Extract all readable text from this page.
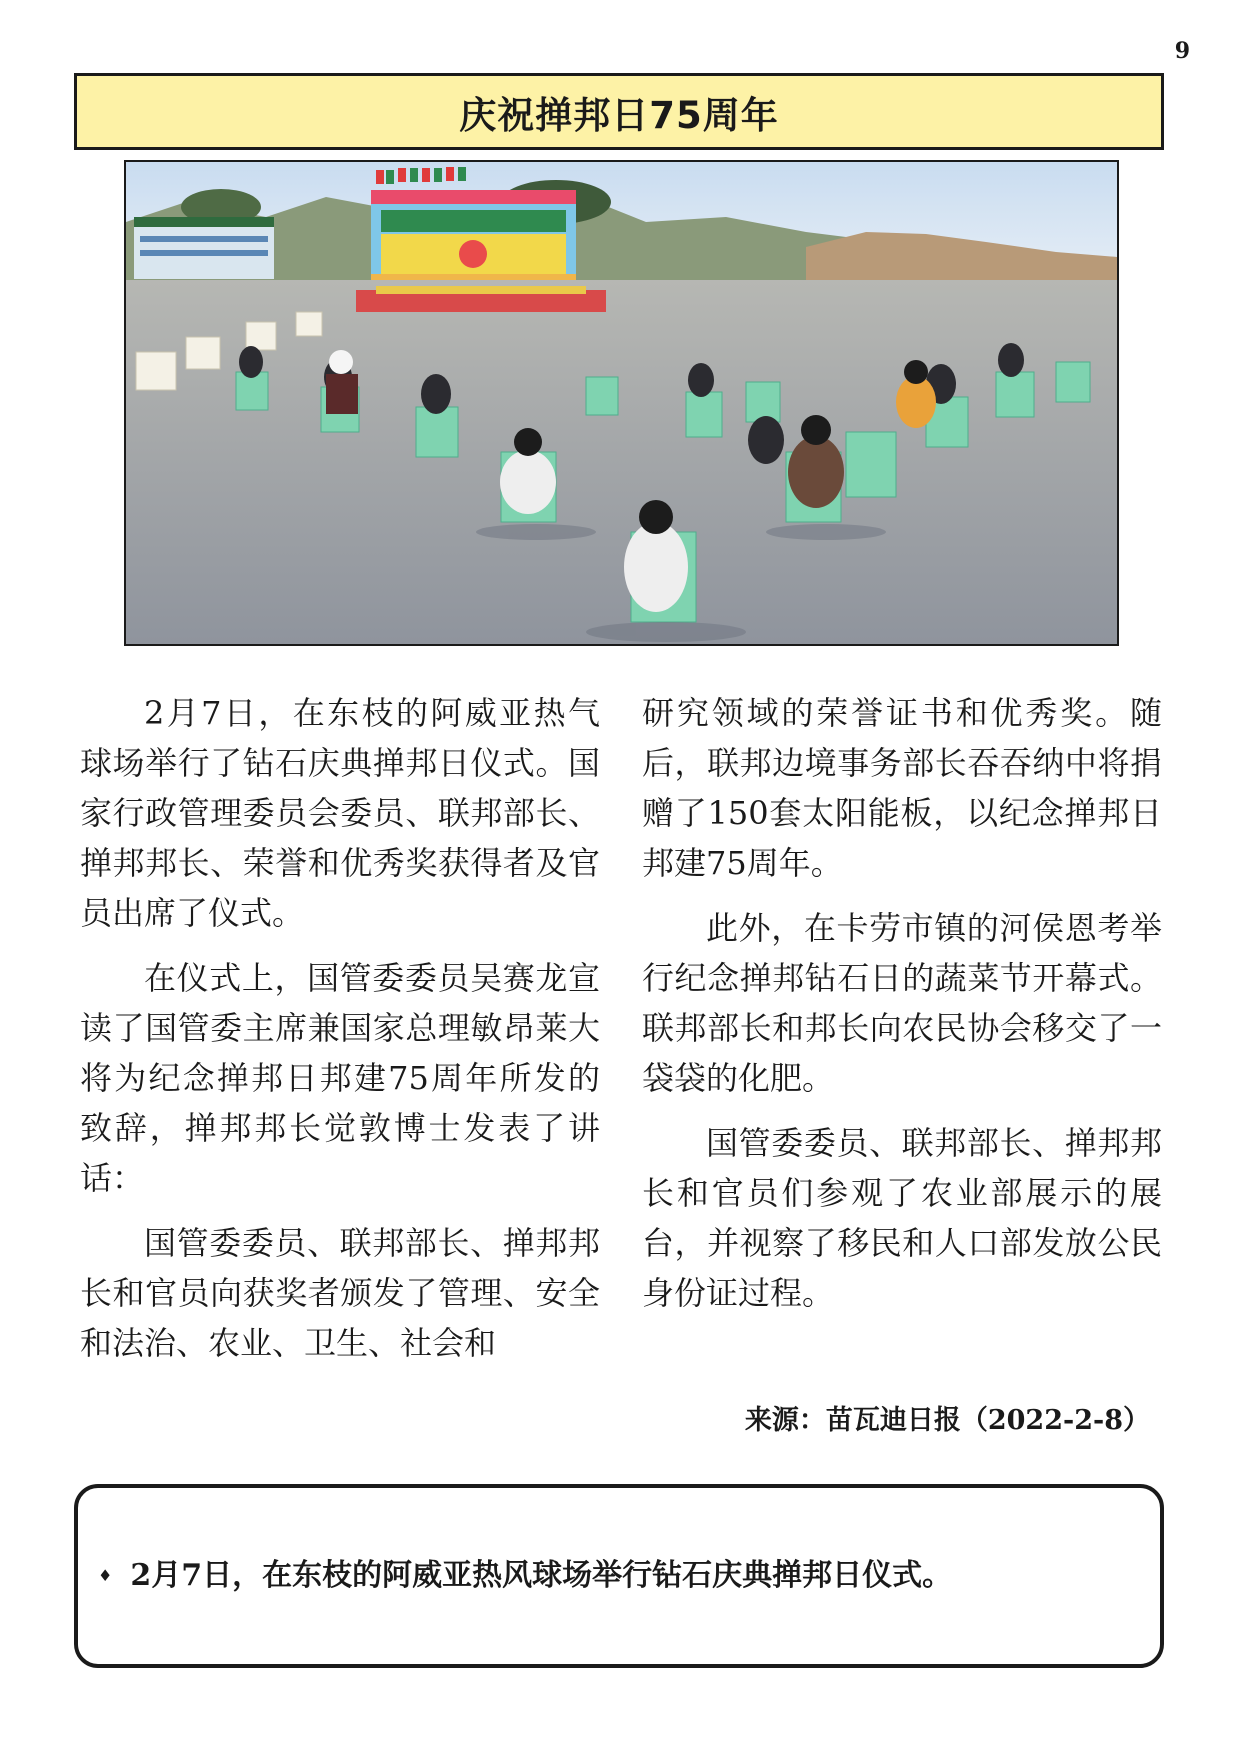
9
庆祝掸邦日75周年

2月7日，在东枝的阿威亚热气球场举行了钻石庆典掸邦日仪式。国家行政管理委员会委员、联邦部长、掸邦邦长、荣誉和优秀奖获得者及官员出席了仪式。

在仪式上，国管委委员吴赛龙宣读了国管委主席兼国家总理敏昂莱大将为纪念掸邦日邦建75周年所发的致辞，掸邦邦长觉敦博士发表了讲话：

国管委委员、联邦部长、掸邦邦长和官员向获奖者颁发了管理、安全和法治、农业、卫生、社会和

研究领域的荣誉证书和优秀奖。随后，联邦边境事务部长吞吞纳中将捐赠了150套太阳能板，以纪念掸邦日邦建75周年。

此外，在卡劳市镇的河侯恩考举行纪念掸邦钻石日的蔬菜节开幕式。联邦部长和邦长向农民协会移交了一袋袋的化肥。

国管委委员、联邦部长、掸邦邦长和官员们参观了农业部展示的展台，并视察了移民和人口部发放公民身份证过程。

来源：苗瓦迪日报（2022-2-8）
♦ 2月7日，在东枝的阿威亚热风球场举行钻石庆典掸邦日仪式。
